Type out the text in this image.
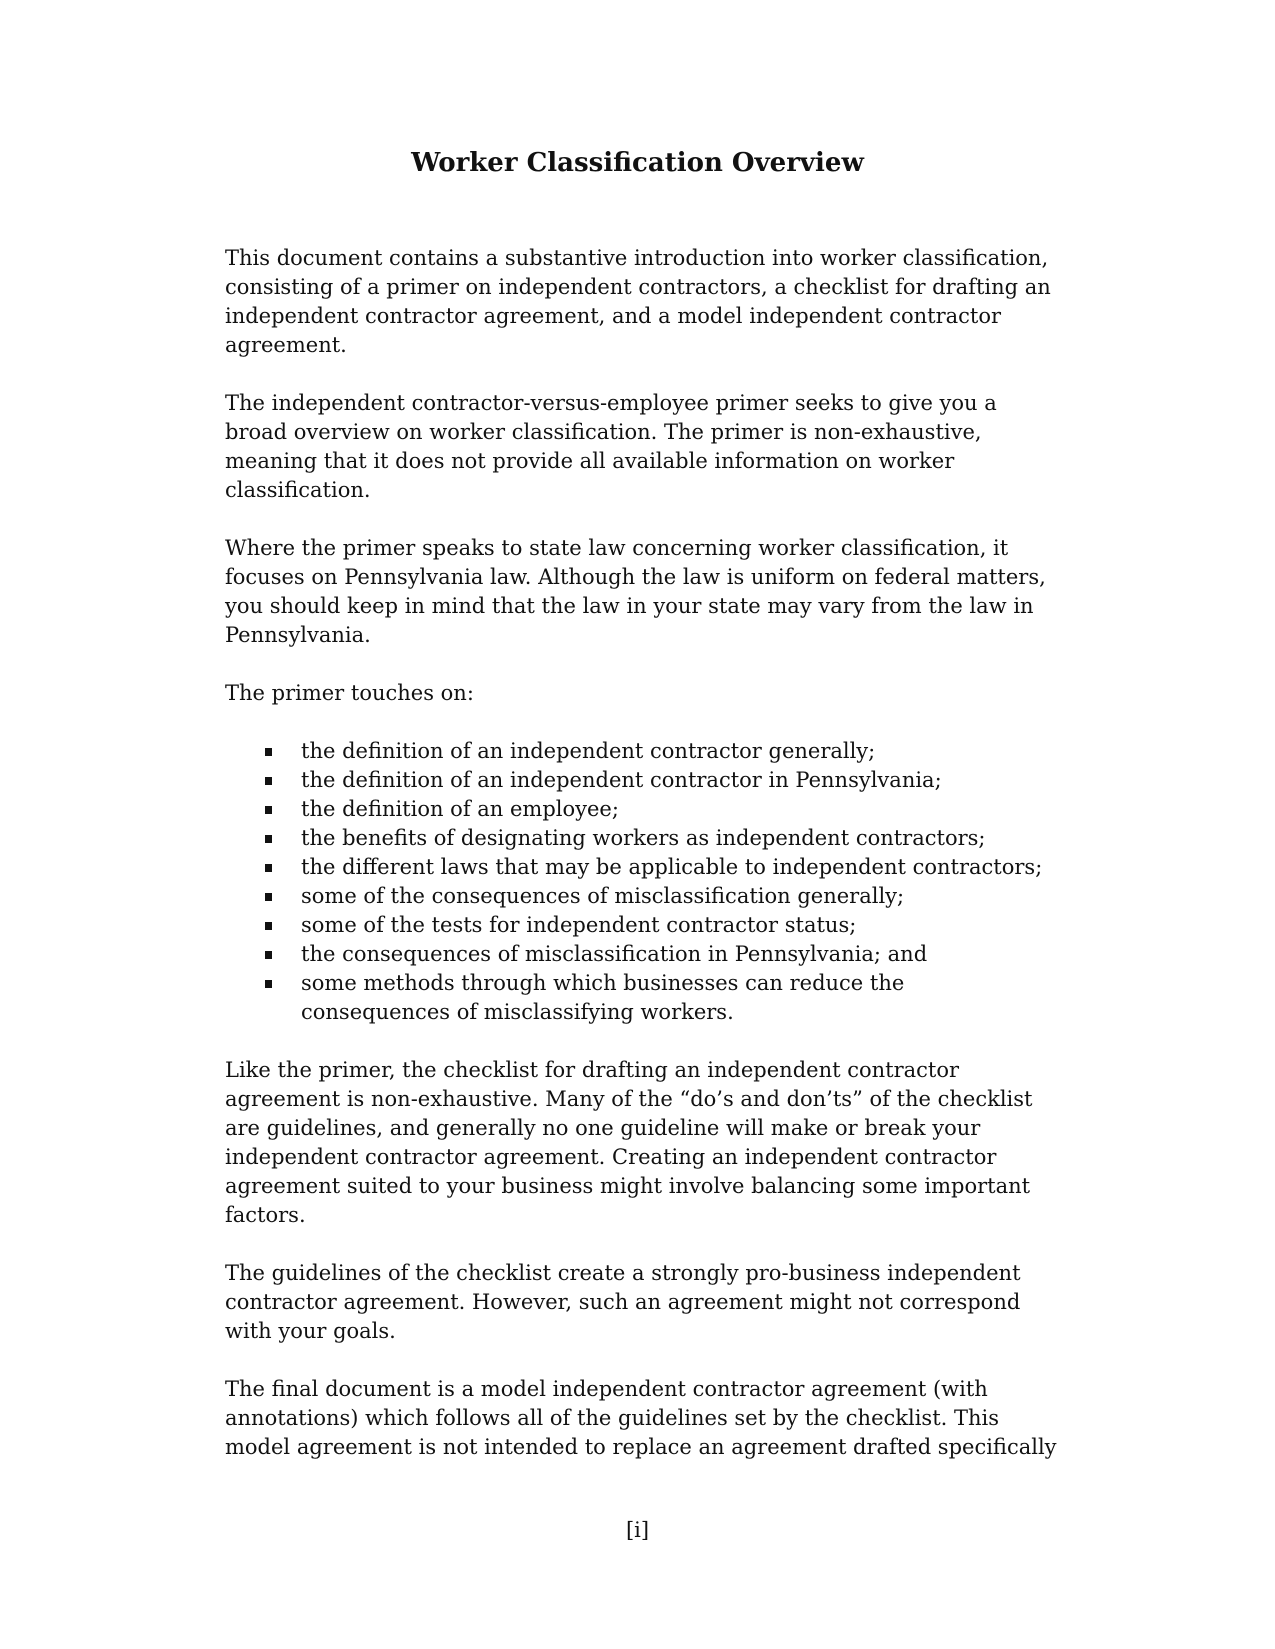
Worker Classification Overview

This document contains a substantive introduction into worker classification,
consisting of a primer on independent contractors, a checklist for drafting an
independent contractor agreement, and a model independent contractor
agreement.

The independent contractor-versus-employee primer seeks to give you a
broad overview on worker classification. The primer is non-exhaustive,
meaning that it does not provide all available information on worker
classification.

Where the primer speaks to state law concerning worker classification, it
focuses on Pennsylvania law. Although the law is uniform on federal matters,
you should keep in mind that the law in your state may vary from the law in
Pennsylvania.

The primer touches on:

the definition of an independent contractor generally;
the definition of an independent contractor in Pennsylvania;
the definition of an employee;
the benefits of designating workers as independent contractors;
the different laws that may be applicable to independent contractors;
some of the consequences of misclassification generally;
some of the tests for independent contractor status;
the consequences of misclassification in Pennsylvania; and
some methods through which businesses can reduce the
consequences of misclassifying workers.

Like the primer, the checklist for drafting an independent contractor
agreement is non-exhaustive. Many of the “do’s and don’ts” of the checklist
are guidelines, and generally no one guideline will make or break your
independent contractor agreement. Creating an independent contractor
agreement suited to your business might involve balancing some important
factors.

The guidelines of the checklist create a strongly pro-business independent
contractor agreement. However, such an agreement might not correspond
with your goals.

The final document is a model independent contractor agreement (with
annotations) which follows all of the guidelines set by the checklist. This
model agreement is not intended to replace an agreement drafted specifically

[i]
